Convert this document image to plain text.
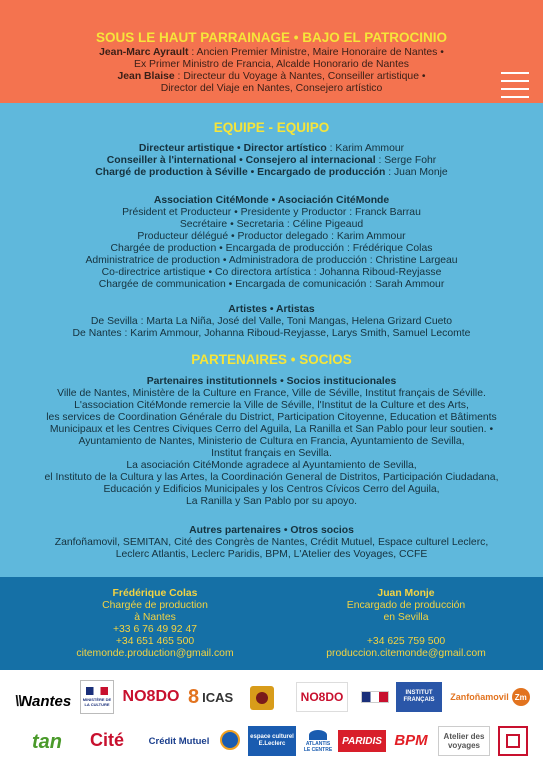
SOUS LE HAUT PARRAINAGE • BAJO EL PATROCINIO
Jean-Marc Ayrault : Ancien Premier Ministre, Maire Honoraire de Nantes •
Ex Primer Ministro de Francia, Alcalde Honorario de Nantes
Jean Blaise : Directeur du Voyage à Nantes, Conseiller artistique •
Director del Viaje en Nantes, Consejero artístico
EQUIPE - EQUIPO
Directeur artistique • Director artístico : Karim Ammour
Conseiller à l'international • Consejero al internacional : Serge Fohr
Chargé de production à Séville • Encargado de producción : Juan Monje
Association CitéMonde • Asociación CitéMonde
Président et Producteur • Presidente y Productor : Franck Barrau
Secrétaire • Secretaria : Céline Pigeaud
Producteur délégué • Productor delegado : Karim Ammour
Chargée de production • Encargada de producción : Frédérique Colas
Administratrice de production • Administradora de producción : Christine Largeau
Co-directrice artistique • Co directora artística : Johanna Riboud-Reyjasse
Chargée de communication • Encargada de comunicación : Sarah Ammour
Artistes • Artistas
De Sevilla : Marta La Niña, José del Valle, Toni Mangas, Helena Grizard Cueto
De Nantes : Karim Ammour, Johanna Riboud-Reyjasse, Larys Smith, Samuel Lecomte
PARTENAIRES • SOCIOS
Partenaires institutionnels • Socios institucionales
Ville de Nantes, Ministère de la Culture en France, Ville de Séville, Institut français de Séville.
L'association CitéMonde remercie la Ville de Séville, l'Institut de la Culture et des Arts,
les services de Coordination Générale du District, Participation Citoyenne, Education et Bâtiments
Municipaux et les Centres Civiques Cerro del Aguila, La Ranilla et San Pablo pour leur soutien. •
Ayuntamiento de Nantes, Ministerio de Cultura en Francia, Ayuntamiento de Sevilla,
Institut français en Sevilla.
La asociación CitéMonde agradece al Ayuntamiento de Sevilla,
el Instituto de la Cultura y las Artes, la Coordinación General de Distritos, Participación Ciudadana,
Educación y Edificios Municipales y los Centros Cívicos Cerro del Aguila,
La Ranilla y San Pablo por su apoyo.
Autres partenaires • Otros socios
Zanfoñamovil, SEMITAN, Cité des Congrès de Nantes, Crédit Mutuel, Espace culturel Leclerc,
Leclerc Atlantis, Leclerc Paridis, BPM, L'Atelier des Voyages, CCFE
Frédérique Colas
Chargée de production
à Nantes
+33 6 76 49 92 47
+34 651 465 500
citemonde.production@gmail.com
Juan Monje
Encargado de producción
en Sevilla
+34 625 759 500
produccion.citemonde@gmail.com
\\ Nantes	MINISTÈRE DE LA CULTURE NO8DO 8 ICAS	NO8DO	INSTITUT FRANÇAIS	Zanfoñamovil Zm
tan Cité	Crédit Mutuel	espace culturel E.Leclerc	ATLANTIS LE CENTRE
PARIDIS BPM	Atelier des voyages
